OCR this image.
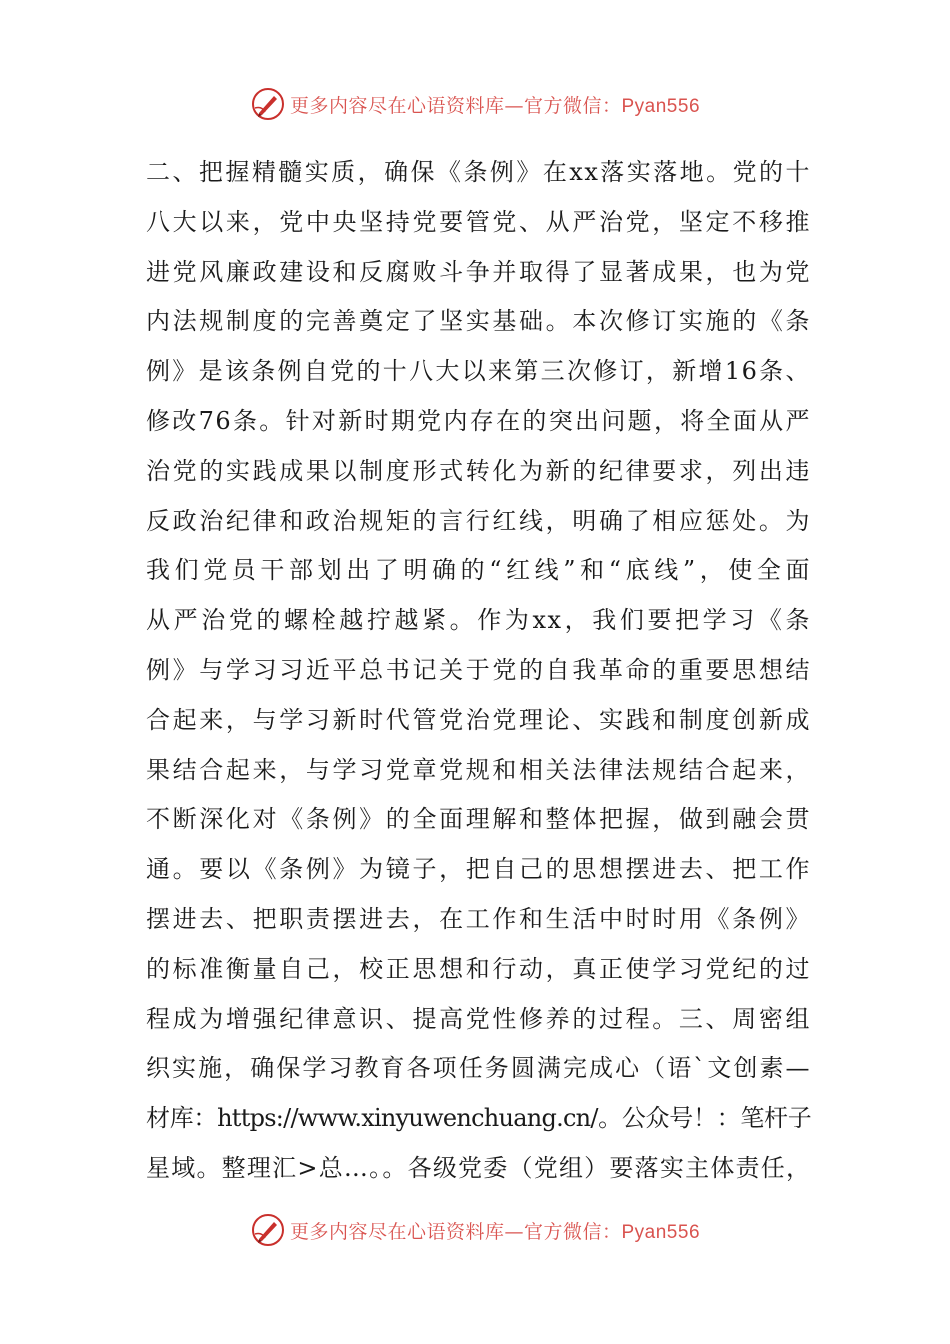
更多内容尽在心语资料库—官方微信：Pyan556
二、把握精髓实质，确保《条例》在xx落实落地。党的十
八大以来，党中央坚持党要管党、从严治党，坚定不移推
进党风廉政建设和反腐败斗争并取得了显著成果，也为党
内法规制度的完善奠定了坚实基础。本次修订实施的《条
例》是该条例自党的十八大以来第三次修订，新增16条、
修改76条。针对新时期党内存在的突出问题，将全面从严
治党的实践成果以制度形式转化为新的纪律要求，列出违
反政治纪律和政治规矩的言行红线，明确了相应惩处。为
我们党员干部划出了明确的“红线”和“底线”，使全面
从严治党的螺栓越拧越紧。作为xx，我们要把学习《条
例》与学习习近平总书记关于党的自我革命的重要思想结
合起来，与学习新时代管党治党理论、实践和制度创新成
果结合起来，与学习党章党规和相关法律法规结合起来，
不断深化对《条例》的全面理解和整体把握，做到融会贯
通。要以《条例》为镜子，把自己的思想摆进去、把工作
摆进去、把职责摆进去，在工作和生活中时时用《条例》
的标准衡量自己，校正思想和行动，真正使学习党纪的过
程成为增强纪律意识、提高党性修养的过程。三、周密组
织实施，确保学习教育各项任务圆满完成心（语`文创素—
材库：https://www.xinyuwenchuang.cn/。公众号！：笔杆子
星域。整理汇>总…。。各级党委（党组）要落实主体责任，
更多内容尽在心语资料库—官方微信：Pyan556
